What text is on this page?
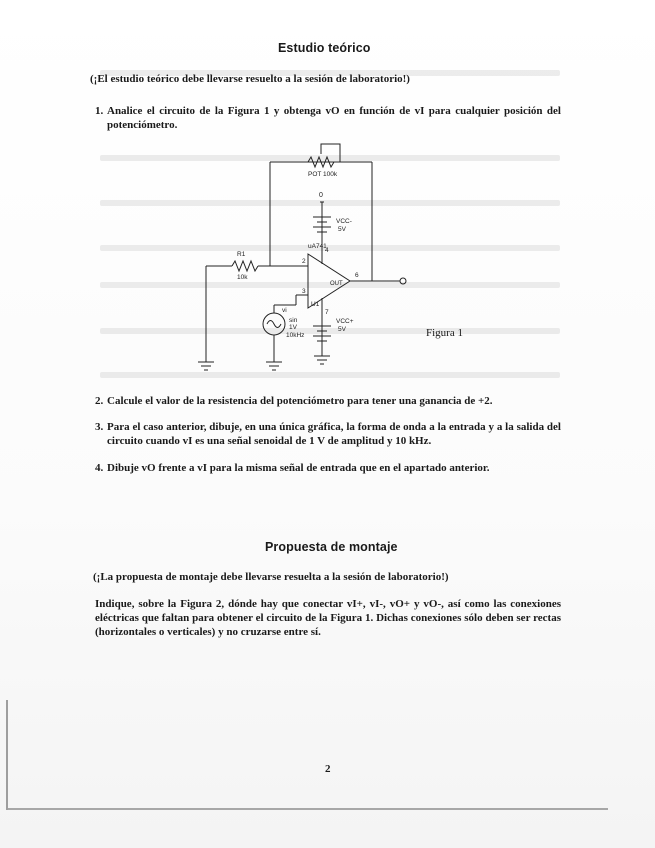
Estudio teórico

(¡El estudio teórico debe llevarse resuelto a la sesión de laboratorio!)

1. Analice el circuito de la Figura 1 y obtenga vO en función de vI para cualquier posición del potenciómetro.
POT 100k
0
VCC-
5V
R1
10k
uA741
2
4
3
OUT
6
U1
7
vi
sin
1V
10kHz
VCC+
5V	Figura 1

2. Calcule el valor de la resistencia del potenciómetro para tener una ganancia de +2.
3. Para el caso anterior, dibuje, en una única gráfica, la forma de onda a la entrada y a la salida del circuito cuando vI es una señal senoidal de 1 V de amplitud y 10 kHz.
4. Dibuje vO frente a vI para la misma señal de entrada que en el apartado anterior.
Propuesta de montaje

(¡La propuesta de montaje debe llevarse resuelta a la sesión de laboratorio!)

Indique, sobre la Figura 2, dónde hay que conectar vI+, vI-, vO+ y vO-, así como las conexiones eléctricas que faltan para obtener el circuito de la Figura 1. Dichas conexiones sólo deben ser rectas (horizontales o verticales) y no cruzarse entre sí.

2
